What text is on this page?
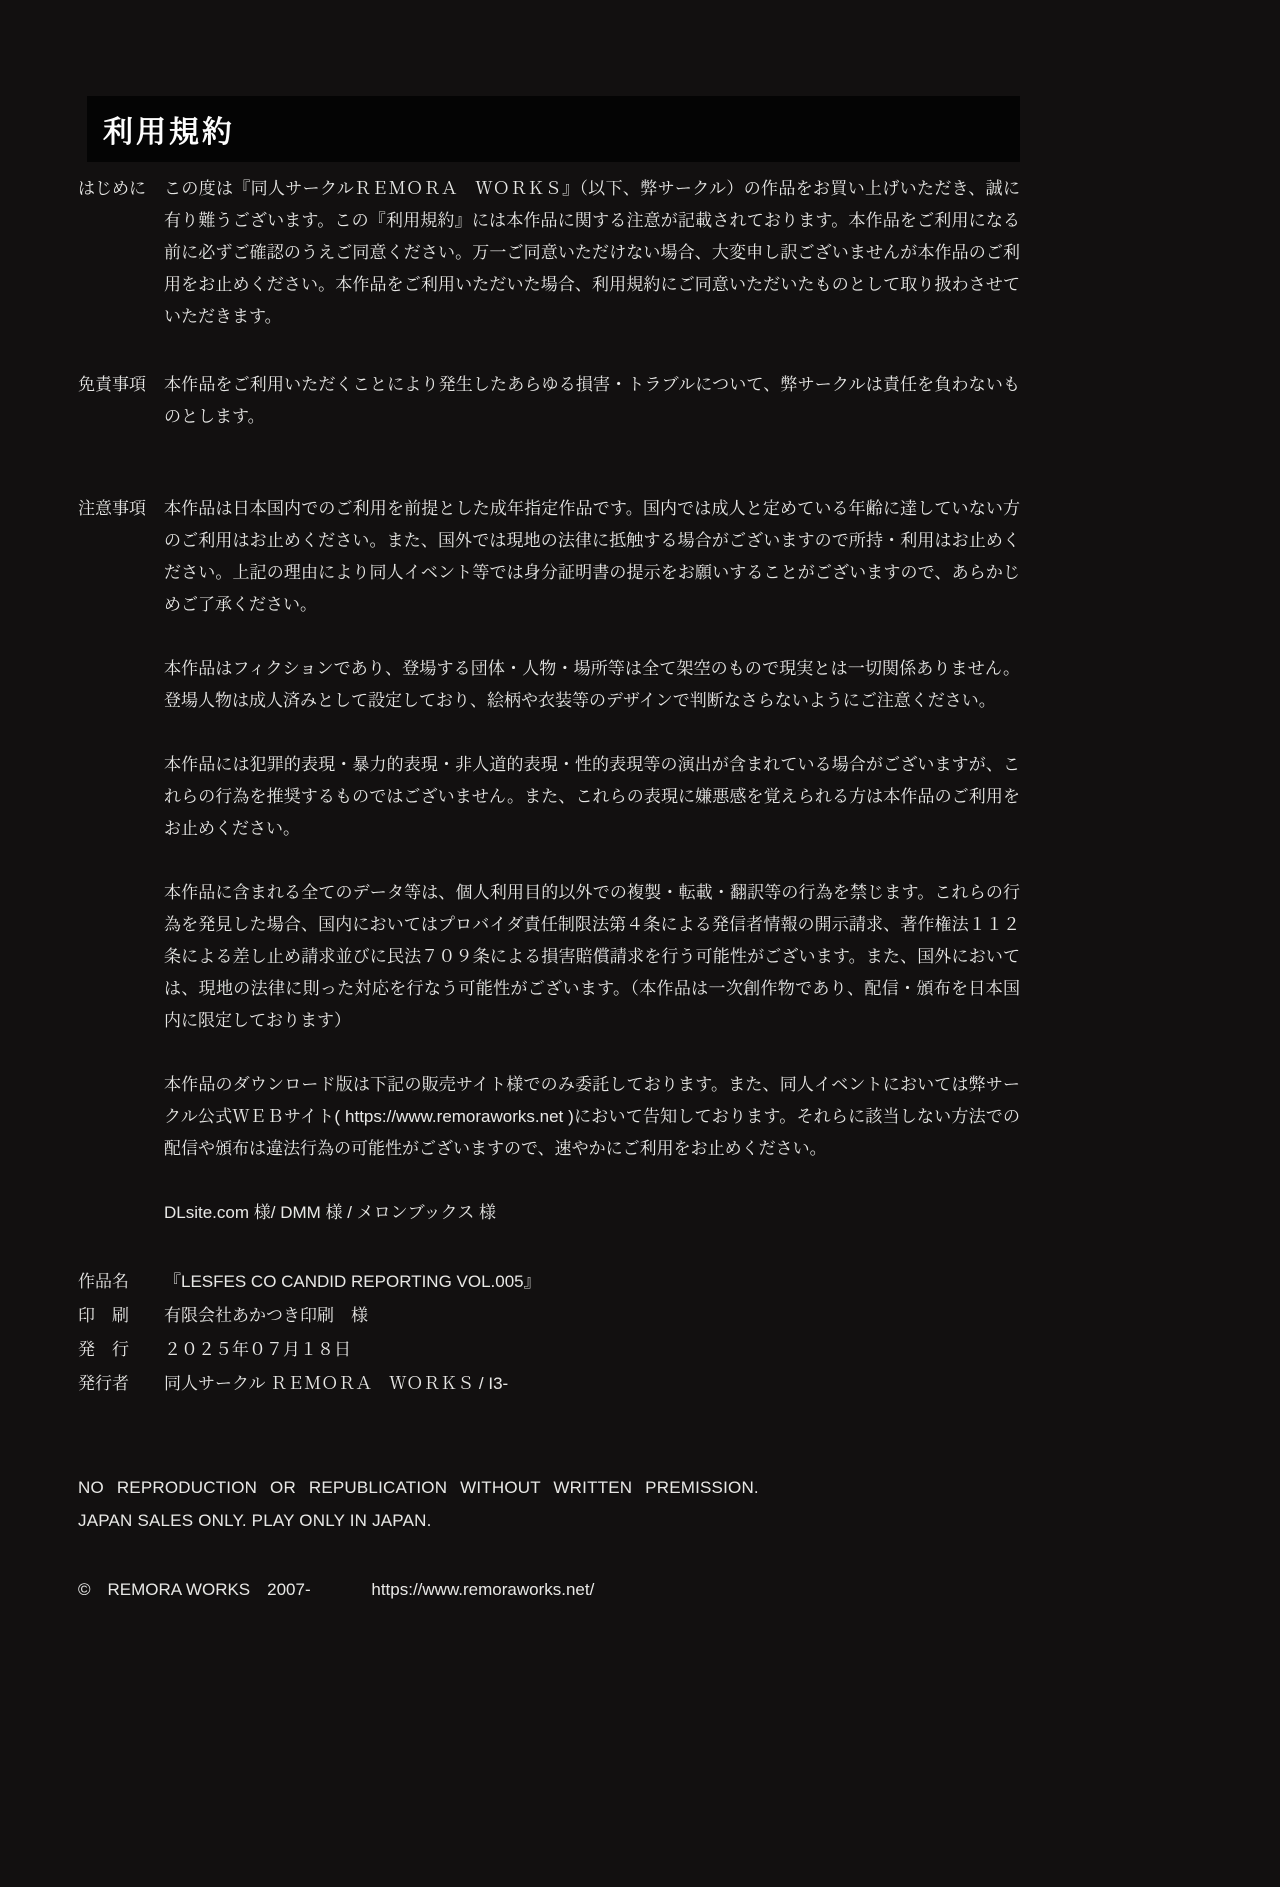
利用規約
はじめに	この度は『同人サークルＲＥＭＯＲＡ　ＷＯＲＫＳ』（以下、弊サークル）の作品をお買い上げいただき、誠に有り難うございます。この『利用規約』には本作品に関する注意が記載されております。本作品をご利用になる前に必ずご確認のうえご同意ください。万一ご同意いただけない場合、大変申し訳ございませんが本作品のご利用をお止めください。本作品をご利用いただいた場合、利用規約にご同意いただいたものとして取り扱わさせていただきます。

免責事項	本作品をご利用いただくことにより発生したあらゆる損害・トラブルについて、弊サークルは責任を負わないものとします。

注意事項	本作品は日本国内でのご利用を前提とした成年指定作品です。国内では成人と定めている年齢に達していない方のご利用はお止めください。また、国外では現地の法律に抵触する場合がございますので所持・利用はお止めください。上記の理由により同人イベント等では身分証明書の提示をお願いすることがございますので、あらかじめご了承ください。

本作品はフィクションであり、登場する団体・人物・場所等は全て架空のもので現実とは一切関係ありません。登場人物は成人済みとして設定しており、絵柄や衣装等のデザインで判断なさらないようにご注意ください。

本作品には犯罪的表現・暴力的表現・非人道的表現・性的表現等の演出が含まれている場合がございますが、これらの行為を推奨するものではございません。また、これらの表現に嫌悪感を覚えられる方は本作品のご利用をお止めください。

本作品に含まれる全てのデータ等は、個人利用目的以外での複製・転載・翻訳等の行為を禁じます。これらの行為を発見した場合、国内においてはプロバイダ責任制限法第４条による発信者情報の開示請求、著作権法１１２条による差し止め請求並びに民法７０９条による損害賠償請求を行う可能性がございます。また、国外においては、現地の法律に則った対応を行なう可能性がございます。（本作品は一次創作物であり、配信・頒布を日本国内に限定しております）

本作品のダウンロード版は下記の販売サイト様でのみ委託しております。また、同人イベントにおいては弊サークル公式ＷＥＢサイト( https://www.remoraworks.net )において告知しております。それらに該当しない方法での配信や頒布は違法行為の可能性がございますので、速やかにご利用をお止めください。

DLsite.com 様/ DMM 様 / メロンブックス 様

作品名	『LESFES CO CANDID REPORTING VOL.005』
印　刷	有限会社あかつき印刷　様
発　行	２０２５年０７月１８日
発行者	同人サークル ＲＥＭＯＲＡ　ＷＯＲＫＳ / I3-

NO REPRODUCTION OR REPUBLICATION WITHOUT WRITTEN PREMISSION.

JAPAN SALES ONLY. PLAY ONLY IN JAPAN.

©　REMORA WORKS　2007-	https://www.remoraworks.net/
